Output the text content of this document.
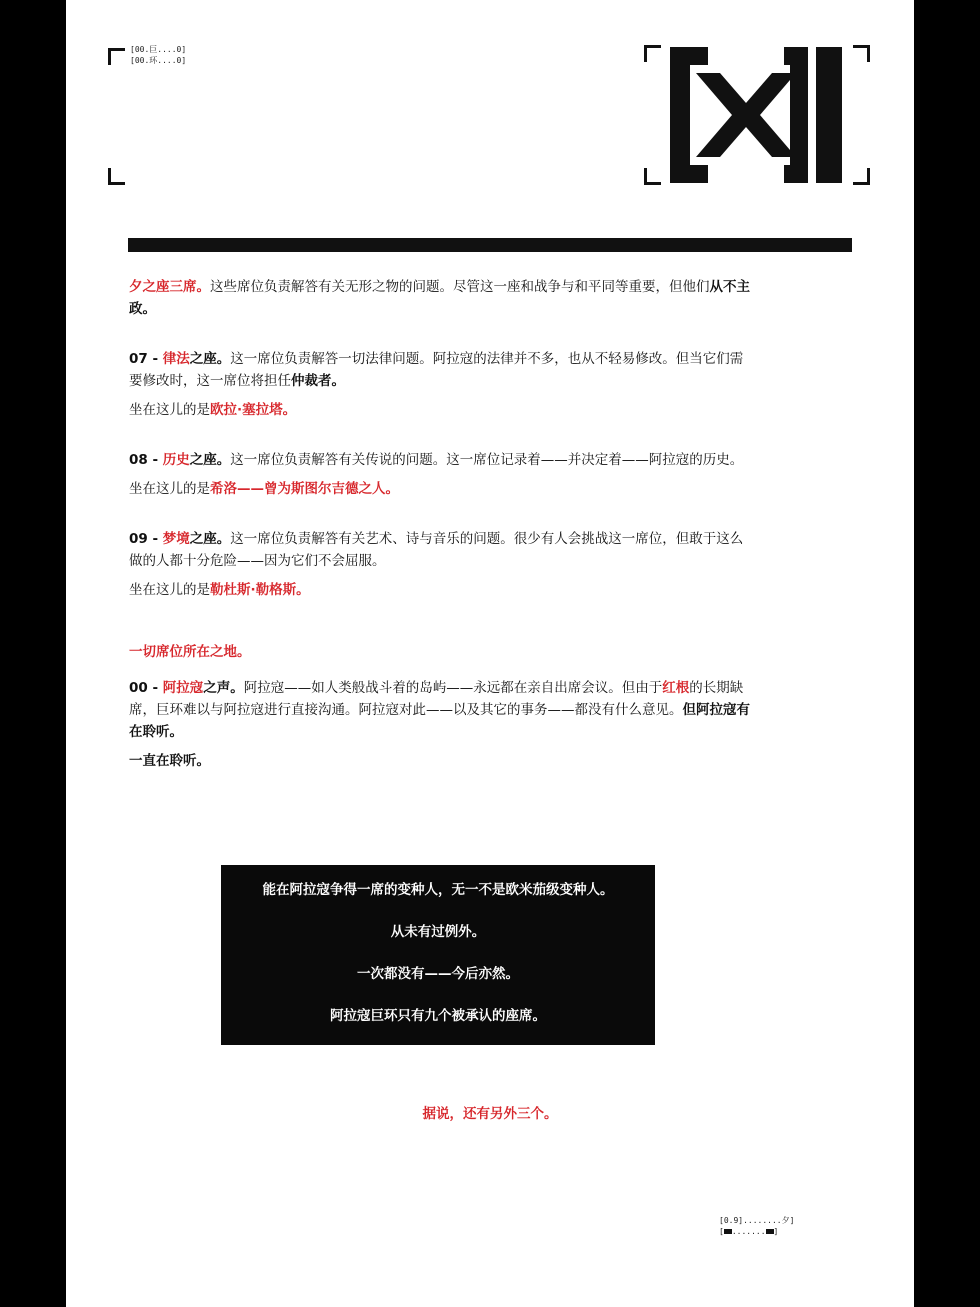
[00.巨....0]
[00.环....0]

夕之座三席。这些席位负责解答有关无形之物的问题。尽管这一座和战争与和平同等重要，但他们从不主政。

07 - 律法之座。这一席位负责解答一切法律问题。阿拉寇的法律并不多，也从不轻易修改。但当它们需要修改时，这一席位将担任仲裁者。

坐在这儿的是欧拉·塞拉塔。

08 - 历史之座。这一席位负责解答有关传说的问题。这一席位记录着——并决定着——阿拉寇的历史。

坐在这儿的是希洛——曾为斯图尔吉德之人。

09 - 梦境之座。这一席位负责解答有关艺术、诗与音乐的问题。很少有人会挑战这一席位，但敢于这么做的人都十分危险——因为它们不会屈服。

坐在这儿的是勒杜斯·勒格斯。

一切席位所在之地。

00 - 阿拉寇之声。阿拉寇——如人类般战斗着的岛屿——永远都在亲自出席会议。但由于红根的长期缺席，巨环难以与阿拉寇进行直接沟通。阿拉寇对此——以及其它的事务——都没有什么意见。但阿拉寇有在聆听。

一直在聆听。

能在阿拉寇争得一席的变种人，无一不是欧米茄级变种人。

从未有过例外。

一次都没有——今后亦然。

阿拉寇巨环只有九个被承认的座席。

据说，还有另外三个。
[0.9]........夕]
[ ....... ]
